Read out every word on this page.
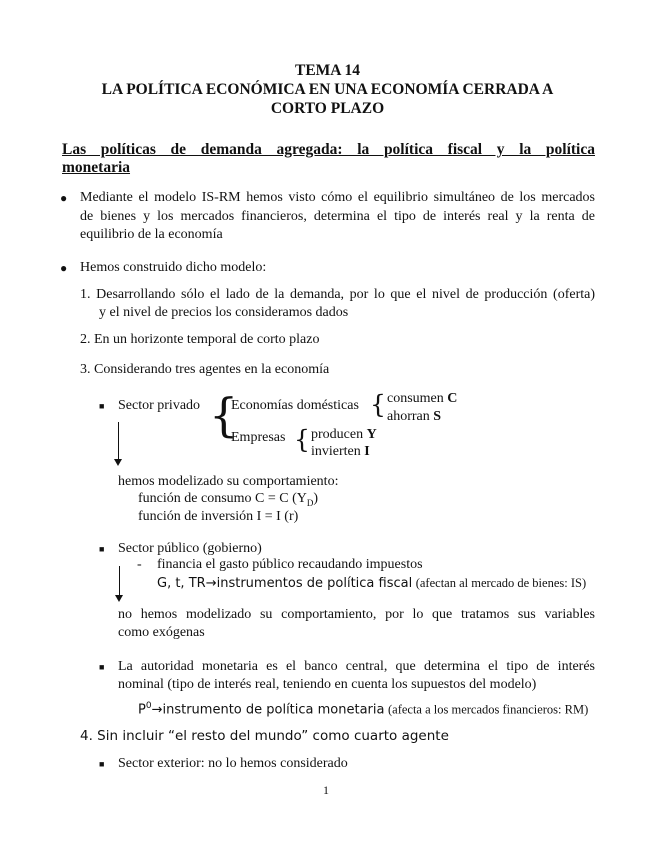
TEMA 14
LA POLÍTICA ECONÓMICA EN UNA ECONOMÍA CERRADA A
CORTO PLAZO
Las políticas de demanda agregada: la política fiscal y la política
monetaria
● Mediante el modelo IS-RM hemos visto cómo el equilibrio simultáneo de los mercados
de bienes y los mercados financieros, determina el tipo de interés real y la renta de
equilibrio de la economía
● Hemos construido dicho modelo:
1. Desarrollando sólo el lado de la demanda, por lo que el nivel de producción (oferta)
y el nivel de precios los consideramos dados
2. En un horizonte temporal de corto plazo
3. Considerando tres agentes en la economía
■ Sector privado {
Economías domésticas { consumen C
ahorran S
Empresas { producen Y
invierten I
hemos modelizado su comportamiento:
función de consumo C = C $(Y_D)$
función de inversión I = I (r)
■ Sector público (gobierno)
- financia el gasto público recaudando impuestos
G, t, TR→instrumentos de política fiscal (afectan al mercado de bienes: IS)
no hemos modelizado su comportamiento, por lo que tratamos sus variables
como exógenas
■ La autoridad monetaria es el banco central, que determina el tipo de interés
nominal (tipo de interés real, teniendo en cuenta los supuestos del modelo)
$P^0\to instrumento$ de política monetaria (afecta a los mercados financieros: RM)
4. Sin incluir “el resto del mundo” como cuarto agente
■ Sector exterior: no lo hemos considerado
1
